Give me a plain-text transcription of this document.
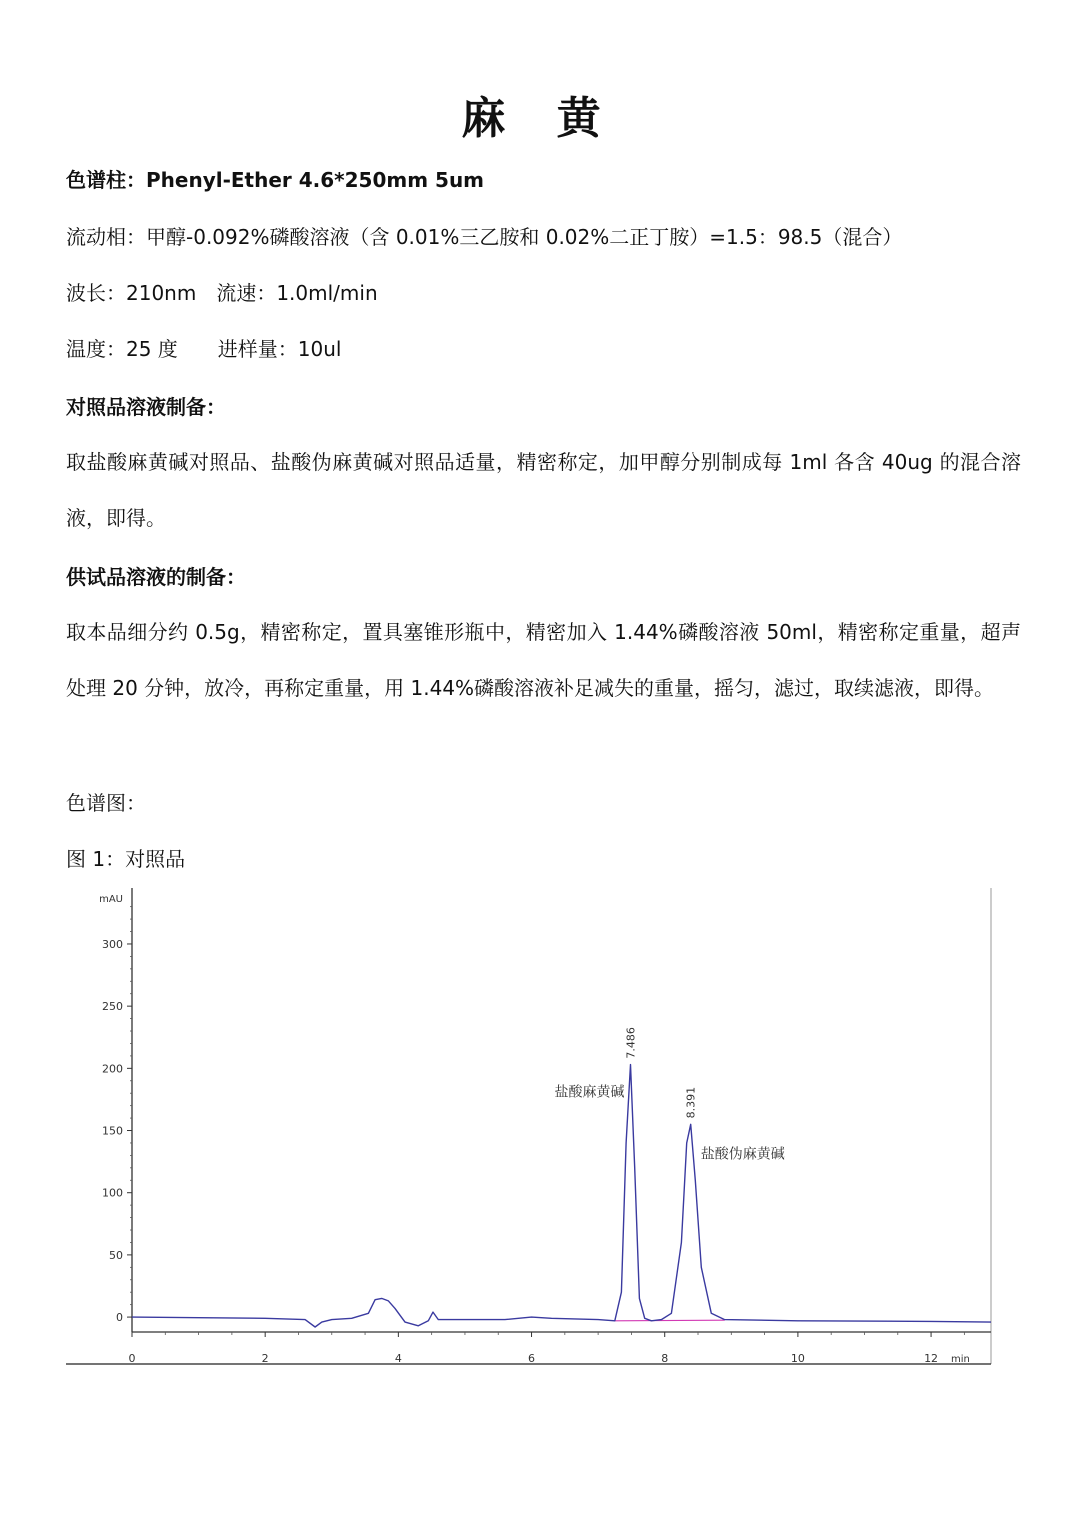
麻 黄

色谱柱：Phenyl-Ether 4.6*250mm 5um

流动相：甲醇-0.092%磷酸溶液（含 0.01%三乙胺和 0.02%二正丁胺）=1.5：98.5（混合）

波长：210nm　流速：1.0ml/min

温度：25 度　　进样量：10ul

对照品溶液制备：

取盐酸麻黄碱对照品、盐酸伪麻黄碱对照品适量，精密称定，加甲醇分别制成每 1ml 各含 40ug 的混合溶液，即得。

供试品溶液的制备：

取本品细分约 0.5g，精密称定，置具塞锥形瓶中，精密加入 1.44%磷酸溶液 50ml，精密称定重量，超声处理 20 分钟，放冷，再称定重量，用 1.44%磷酸溶液补足减失的重量，摇匀，滤过，取续滤液，即得。

色谱图：

图 1：对照品

0
50
100
150
200
250
300
mAU
0	2	4	6	8	10	12 min
7.486
盐酸麻黄碱	8.391
盐酸伪麻黄碱
